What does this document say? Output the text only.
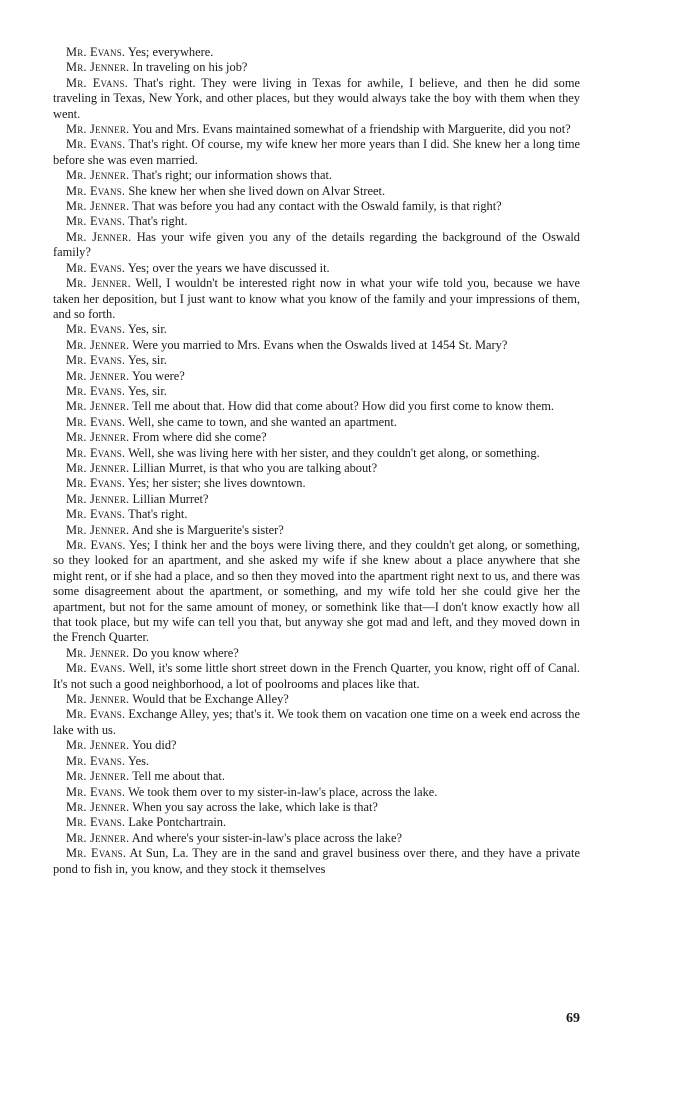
Mr. Evans. Yes; everywhere.

Mr. Jenner. In traveling on his job?

Mr. Evans. That's right. They were living in Texas for awhile, I believe, and then he did some traveling in Texas, New York, and other places, but they would always take the boy with them when they went.

Mr. Jenner. You and Mrs. Evans maintained somewhat of a friendship with Marguerite, did you not?

Mr. Evans. That's right. Of course, my wife knew her more years than I did. She knew her a long time before she was even married.

Mr. Jenner. That's right; our information shows that.

Mr. Evans. She knew her when she lived down on Alvar Street.

Mr. Jenner. That was before you had any contact with the Oswald family, is that right?

Mr. Evans. That's right.

Mr. Jenner. Has your wife given you any of the details regarding the background of the Oswald family?

Mr. Evans. Yes; over the years we have discussed it.

Mr. Jenner. Well, I wouldn't be interested right now in what your wife told you, because we have taken her deposition, but I just want to know what you know of the family and your impressions of them, and so forth.

Mr. Evans. Yes, sir.

Mr. Jenner. Were you married to Mrs. Evans when the Oswalds lived at 1454 St. Mary?

Mr. Evans. Yes, sir.

Mr. Jenner. You were?

Mr. Evans. Yes, sir.

Mr. Jenner. Tell me about that. How did that come about? How did you first come to know them.

Mr. Evans. Well, she came to town, and she wanted an apartment.

Mr. Jenner. From where did she come?

Mr. Evans. Well, she was living here with her sister, and they couldn't get along, or something.

Mr. Jenner. Lillian Murret, is that who you are talking about?

Mr. Evans. Yes; her sister; she lives downtown.

Mr. Jenner. Lillian Murret?

Mr. Evans. That's right.

Mr. Jenner. And she is Marguerite's sister?

Mr. Evans. Yes; I think her and the boys were living there, and they couldn't get along, or something, so they looked for an apartment, and she asked my wife if she knew about a place anywhere that she might rent, or if she had a place, and so then they moved into the apartment right next to us, and there was some disagreement about the apartment, or something, and my wife told her she could give her the apartment, but not for the same amount of money, or somethink like that—I don't know exactly how all that took place, but my wife can tell you that, but anyway she got mad and left, and they moved down in the French Quarter.

Mr. Jenner. Do you know where?

Mr. Evans. Well, it's some little short street down in the French Quarter, you know, right off of Canal. It's not such a good neighborhood, a lot of poolrooms and places like that.

Mr. Jenner. Would that be Exchange Alley?

Mr. Evans. Exchange Alley, yes; that's it. We took them on vacation one time on a week end across the lake with us.

Mr. Jenner. You did?

Mr. Evans. Yes.

Mr. Jenner. Tell me about that.

Mr. Evans. We took them over to my sister-in-law's place, across the lake.

Mr. Jenner. When you say across the lake, which lake is that?

Mr. Evans. Lake Pontchartrain.

Mr. Jenner. And where's your sister-in-law's place across the lake?

Mr. Evans. At Sun, La. They are in the sand and gravel business over there, and they have a private pond to fish in, you know, and they stock it themselves

69
